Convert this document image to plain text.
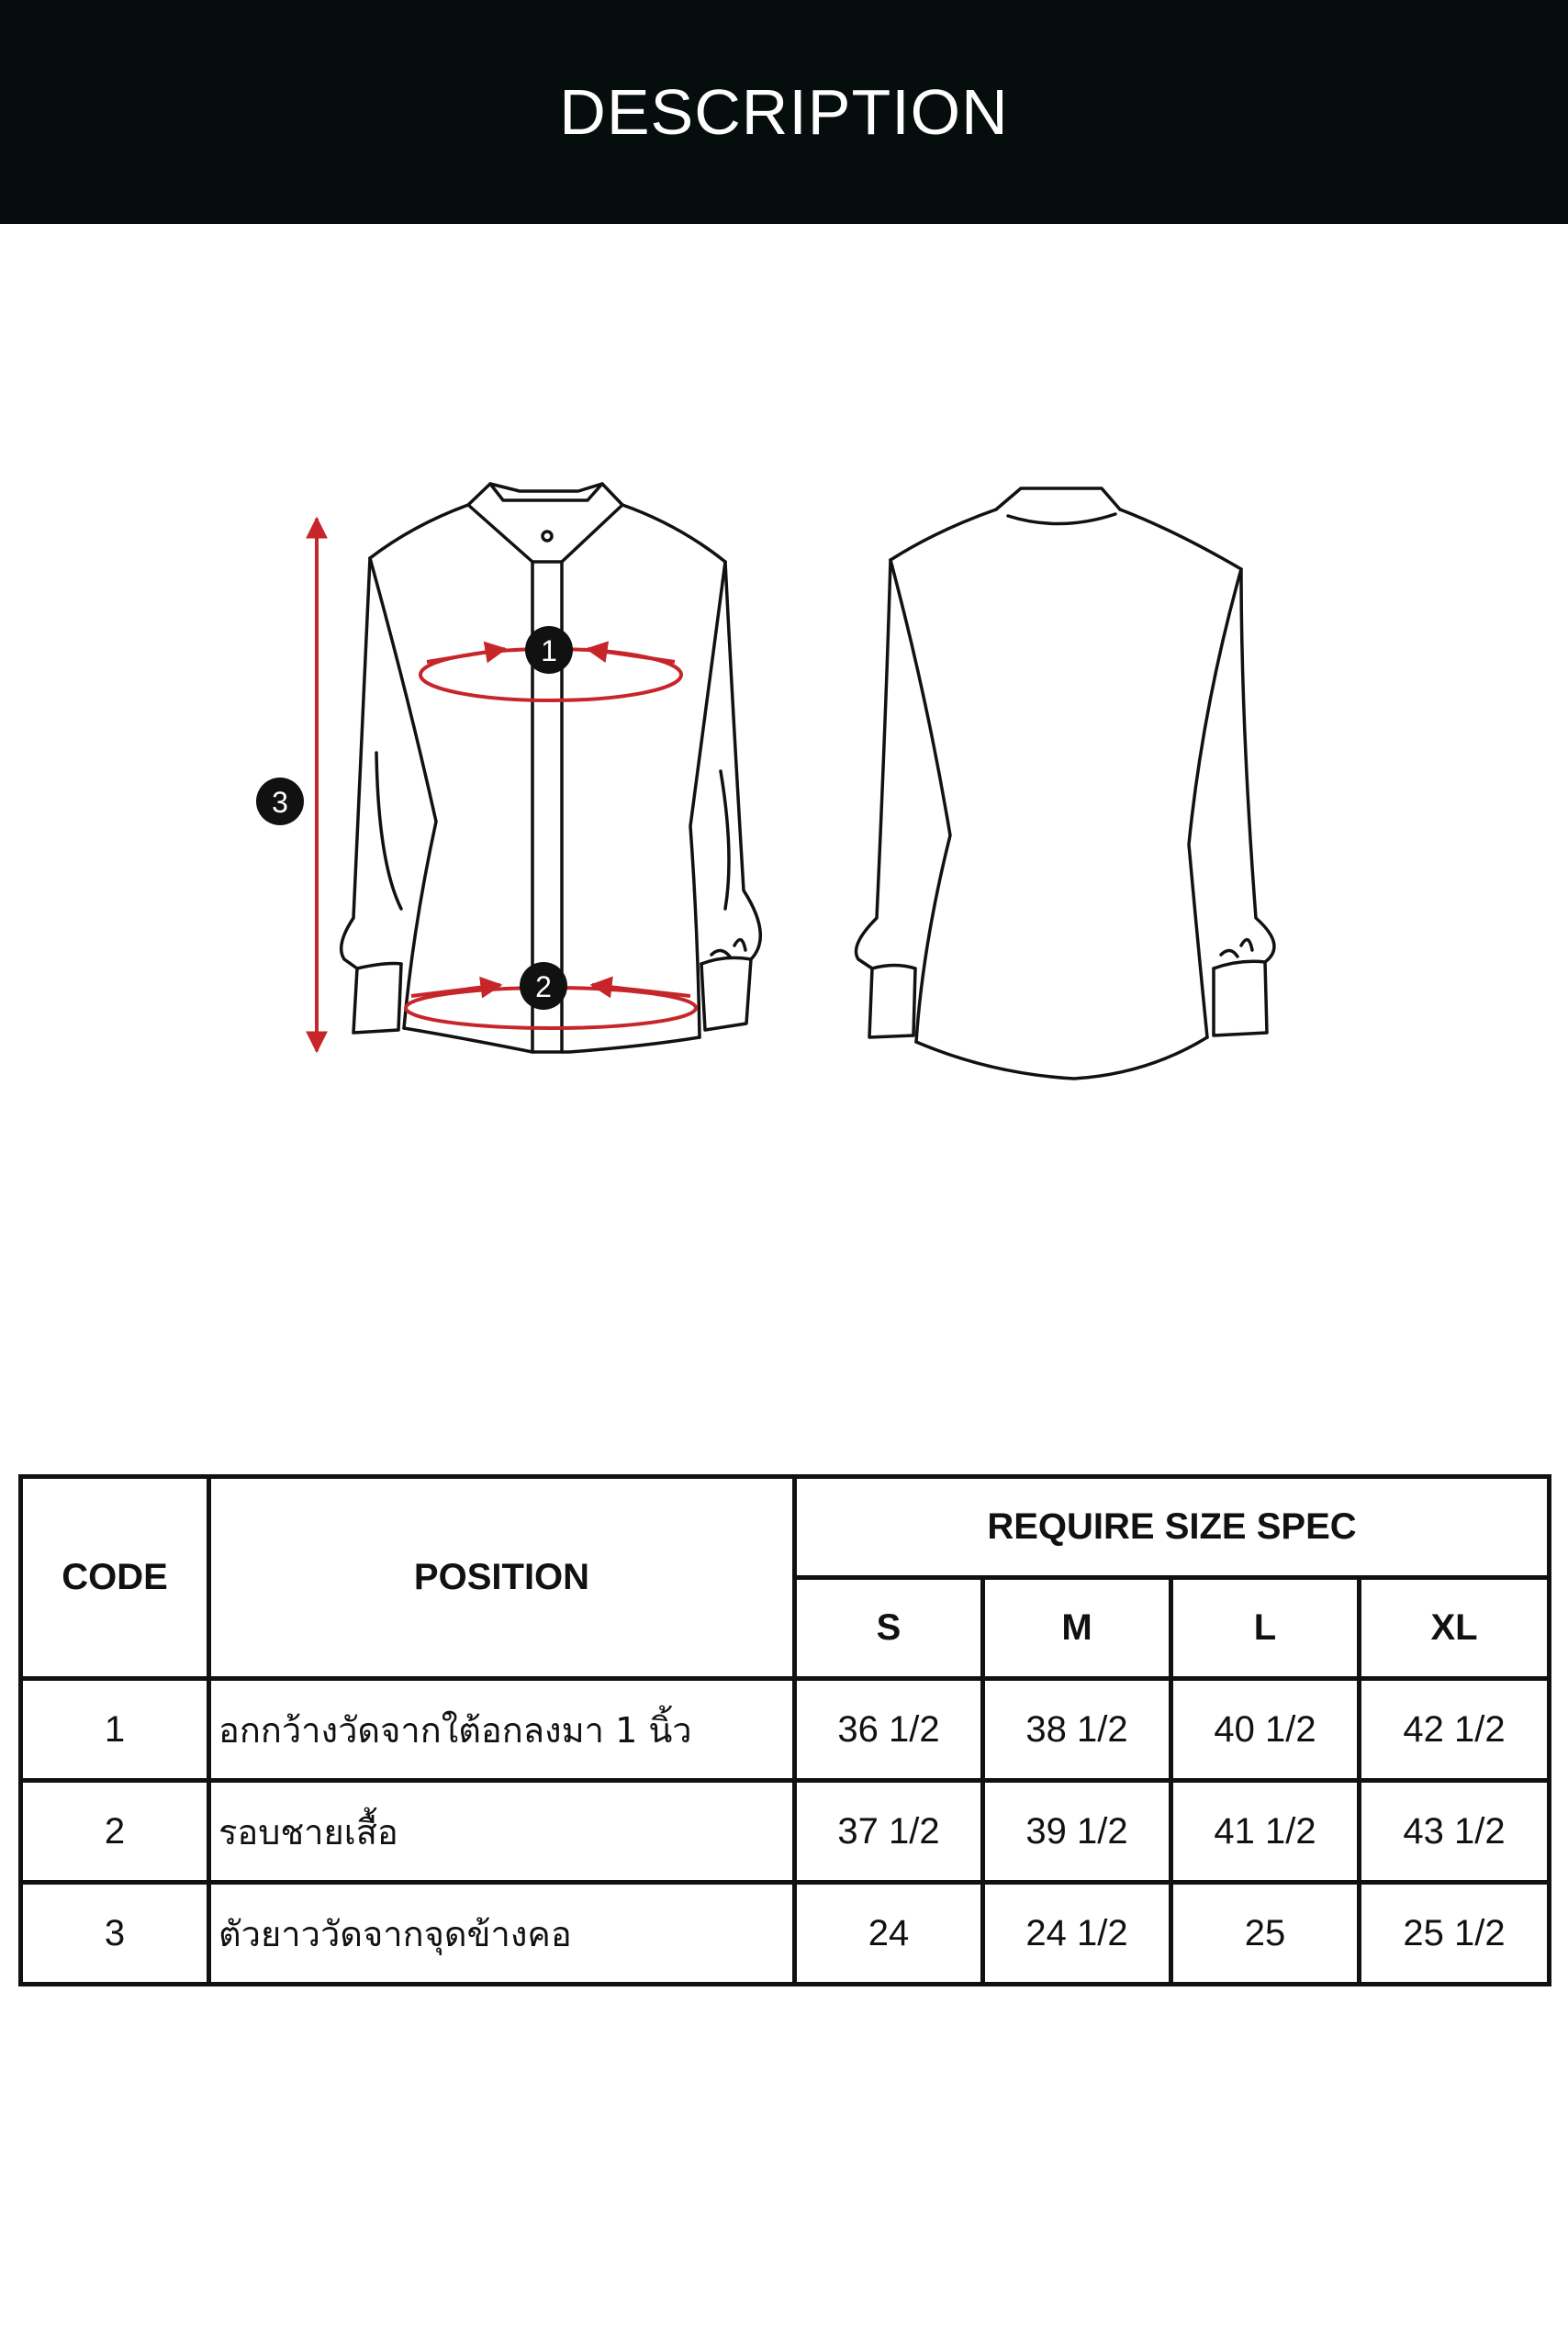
DESCRIPTION
1
2
3
CODE	POSITION	REQUIRE SIZE SPEC			
		S	M	L	XL
1	อกกว้างวัดจากใต้อกลงมา 1 นิ้ว	36 1/2	38 1/2	40 1/2	42 1/2
2	รอบชายเสื้อ	37 1/2	39 1/2	41 1/2	43 1/2
3	ตัวยาววัดจากจุดข้างคอ	24	24 1/2	25	25 1/2
